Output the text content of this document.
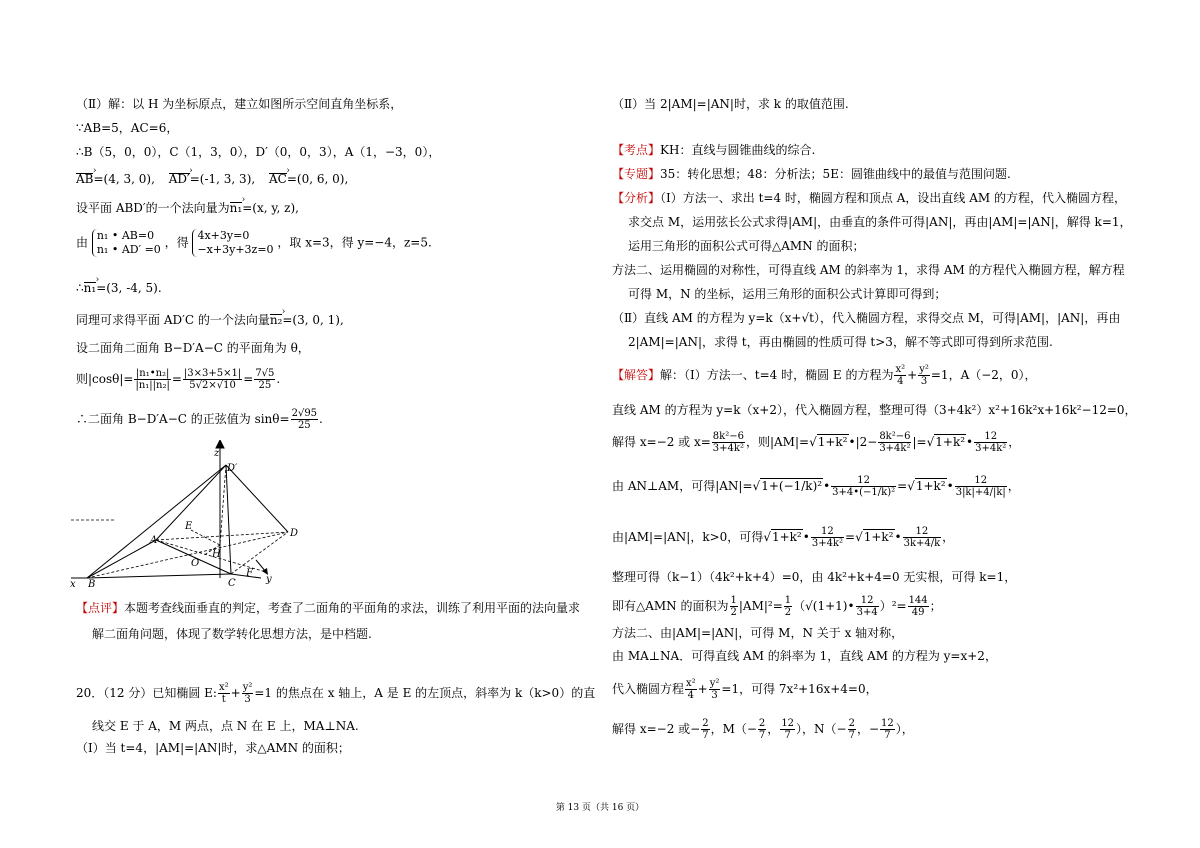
（Ⅱ）解：以 H 为坐标原点，建立如图所示空间直角坐标系，
∵AB=5，AC=6，
∴B（5，0，0），C（1，3，0），D′（0，0，3），A（1，−3，0），
AB ›=(4, 3, 0), AD′ ›=(-1, 3, 3), AC ›=(0, 6, 0),
设平面 ABD′的一个法向量为n₁ ›=(x, y, z),
由 n₁ • AB=0
n₁ • AD′ =0 ，得 4x+3y=0
−x+3y+3z=0 ，取 x=3，得 y=−4，z=5.
∴n₁ ›=(3, -4, 5).
同理可求得平面 AD′C 的一个法向量n₂ ›=(3, 0, 1),
设二面角二面角 B−D′A−C 的平面角为 θ，
则$|\cos\theta|= \frac{\text{|n₁•n₂|}}{\text{|n₁||n₂|}} = \frac{|3\times 3+5\times 1|}{5√2\times√10} = \frac{7√5}{25}$ .
∴二面角 B−D′A−C 的正弦值为 $\sin\theta= \frac{2√95}{25}$ .
z
D′
E
A
H
O
D
x B	C
F
y
【点评】本题考查线面垂直的判定，考查了二面角的平面角的求法，训练了利用平面的法向量求
解二面角问题，体现了数学转化思想方法，是中档题.
20．（12 分）已知椭圆 E: $\frac{\text{x²}}{t} + \frac{\text{y²}}{3} =1$ 的焦点在 x 轴上，A 是 E 的左顶点，斜率为 k（k>0）的直
线交 E 于 A，M 两点，点 N 在 E 上，MA⊥NA.
（Ⅰ）当 t=4，|AM|=|AN|时，求△AMN 的面积；
（Ⅱ）当 2|AM|=|AN|时，求 k 的取值范围.
【考点】KH：直线与圆锥曲线的综合.
【专题】35：转化思想；48：分析法；5E：圆锥曲线中的最值与范围问题.
【分析】（Ⅰ）方法一、求出 t=4 时，椭圆方程和顶点 A，设出直线 AM 的方程，代入椭圆方程，
求交点 M，运用弦长公式求得|AM|，由垂直的条件可得|AN|，再由|AM|=|AN|，解得 k=1，
运用三角形的面积公式可得△AMN 的面积；
方法二、运用椭圆的对称性，可得直线 AM 的斜率为 1，求得 AM 的方程代入椭圆方程，解方程
可得 M，N 的坐标，运用三角形的面积公式计算即可得到；
（Ⅱ）直线 AM 的方程为 y=k（x+√t），代入椭圆方程，求得交点 M，可得|AM|，|AN|，再由
2|AM|=|AN|，求得 t，再由椭圆的性质可得 t>3，解不等式即可得到所求范围.
【解答】解：（Ⅰ）方法一、t=4 时，椭圆 E 的方程为 $\frac{\text{x²}}{4} + \frac{\text{y²}}{3} =1$，A（−2，0），
直线 AM 的方程为 y=k（x+2），代入椭圆方程，整理可得（3+4k²）x²+16k²x+16k²−12=0，
解得 x=−2 或 $x= \frac{\text{8k²−6}}{\text{3+4k²}}$ ，则|AM|=√1+k²•|2− $\frac{\text{8k²−6}}{\text{3+4k²}}$ |=√1+k²• $\frac{12}{\text{3+4k²}}$ ，
由 AN⊥AM，可得|AN|=√1+(−1/k)²• $\frac{12}{\text{3+4•(−1/k)²}}$ =√1+k²• $\frac{12}{3|k|+4/|k|}$ ，
由|AM|=|AN|，k>0，可得√1+k²• $\frac{12}{\text{3+4k²}}$ =√1+k²• $\frac{12}{3k+4/k}$ ，
整理可得（k−1）（4k²+k+4）=0，由 4k²+k+4=0 无实根，可得 k=1，
即有△AMN 的面积为 $\frac{1}{2} |AM|^2= \frac{1}{2}$ （√(1+1)• $\frac{12}{3+4} )^2= \frac{144}{49}$ ；
方法二、由|AM|=|AN|，可得 M，N 关于 x 轴对称，
由 MA⊥NA．可得直线 AM 的斜率为 1，直线 AM 的方程为 y=x+2，
代入椭圆方程 $\frac{\text{x²}}{4} + \frac{\text{y²}}{3} =1$，可得 7x²+16x+4=0，
解得 x=−2 或− $\frac{2}{7}$ ，$M(- \frac{2}{7}$ ， $\frac{12}{7}$ ），$N(- \frac{2}{7}$ ，− $\frac{12}{7}$ ），
第 13 页（共 16 页）
